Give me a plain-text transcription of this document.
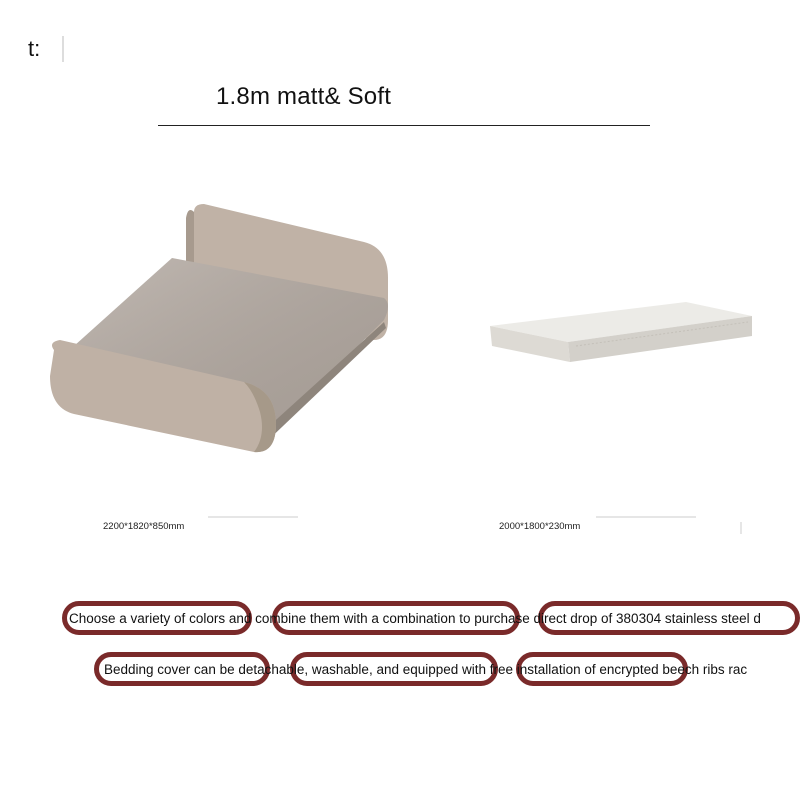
t:
1.8m matt& Soft
2200*1820*850mm	2000*1800*230mm
Choose a variety of colors and combine them with a combination to purchase direct drop of 380304 stainless steel d
Bedding cover can be detachable, washable, and equipped with free installation of encrypted beech ribs rac
